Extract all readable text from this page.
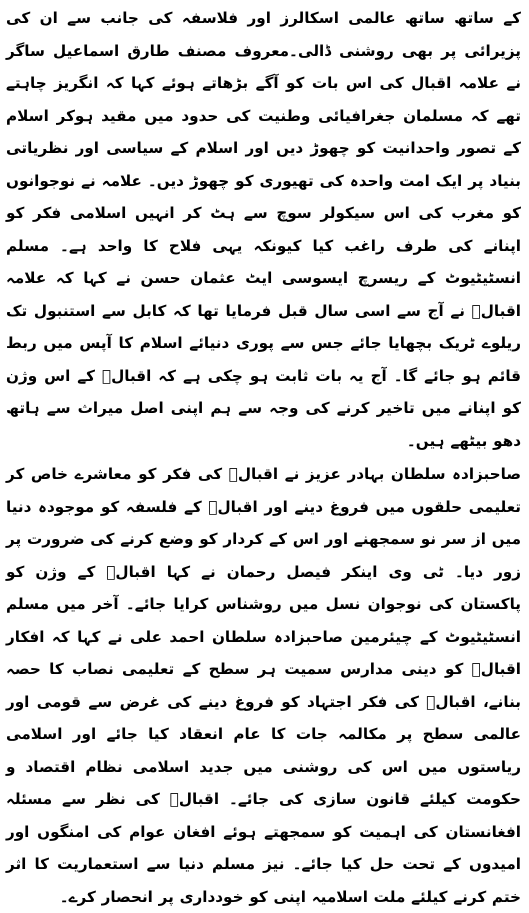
کے ساتھ ساتھ عالمی اسکالرز اور فلاسفہ کی جانب سے ان کی پزیرائی پر بھی روشنی ڈالی۔معروف مصنف طارق اسماعیل ساگر نے علامہ اقبال کی اس بات کو آگے بڑھاتے ہوئے کہا کہ انگریز چاہتے تھے کہ مسلمان جغرافیائی وطنیت کی حدود میں مقید ہوکر اسلام کے تصور واحدانیت کو چھوڑ دیں اور اسلام کے سیاسی اور نظریاتی بنیاد پر ایک امت واحدہ کی تھیوری کو چھوڑ دیں۔ علامہ نے نوجوانوں کو مغرب کی اس سیکولر سوچ سے ہٹ کر انہیں اسلامی فکر کو اپنانے کی طرف راغب کیا کیونکہ یہی فلاح کا واحد ہے۔ مسلم انسٹیٹیوٹ کے ریسرچ ایسوسی ایٹ عثمان حسن نے کہا کہ علامہ اقبالؒ نے آج سے اسی سال قبل فرمایا تھا کہ کابل سے استنبول تک ریلوے ٹریک بچھایا جائے جس سے پوری دنیائے اسلام کا آپس میں ربط قائم ہو جائے گا۔ آج یہ بات ثابت ہو چکی ہے کہ اقبالؒ کے اس وژن کو اپنانے میں تاخیر کرنے کی وجہ سے ہم اپنی اصل میراث سے ہاتھ دھو بیٹھے ہیں۔

صاحبزادہ سلطان بہادر عزیز نے اقبالؒ کی فکر کو معاشرے خاص کر تعلیمی حلقوں میں فروغ دینے اور اقبالؒ کے فلسفہ کو موجودہ دنیا میں از سر نو سمجھنے اور اس کے کردار کو وضع کرنے کی ضرورت پر زور دیا۔ ٹی وی اینکر فیصل رحمان نے کہا اقبالؒ کے وژن کو پاکستان کی نوجوان نسل میں روشناس کرایا جائے۔ آخر میں مسلم انسٹیٹیوٹ کے چیئرمین صاحبزادہ سلطان احمد علی نے کہا کہ افکار اقبالؒ کو دینی مدارس سمیت ہر سطح کے تعلیمی نصاب کا حصہ بنانے، اقبالؒ کی فکر اجتہاد کو فروغ دینے کی غرض سے قومی اور عالمی سطح پر مکالمہ جات کا عام انعقاد کیا جائے اور اسلامی ریاستوں میں اس کی روشنی میں جدید اسلامی نظام اقتصاد و حکومت کیلئے قانون سازی کی جائے۔ اقبالؒ کی نظر سے مسئلہ افغانستان کی اہمیت کو سمجھتے ہوئے افغان عوام کی امنگوں اور امیدوں کے تحت حل کیا جائے۔ نیز مسلم دنیا سے استعماریت کا اثر ختم کرنے کیلئے ملت اسلامیہ اپنی کو خودداری پر انحصار کرے۔
